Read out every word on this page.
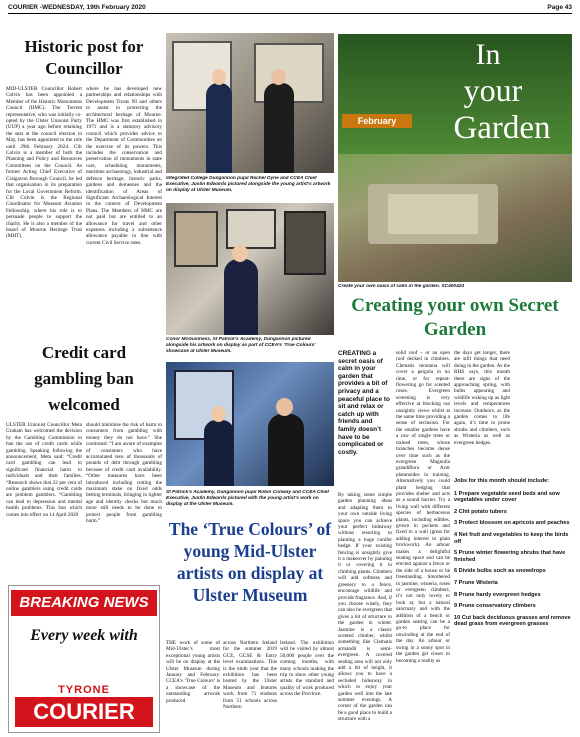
COURIER -WEDNESDAY, 19th February 2020	Page 43
Historic post for Councillor
MID-ULSTER Councillor Robert Colvin has been appointed a Member of the Historic Monuments Council (HMC). The Torrent representative, who was initially co-opted by the Ulster Unionist Party (UUP) a year ago before retaining the seat at the council election in May, has been appointed to the role until 29th February 2024. Cllr Colvin is a member of both the Planning and Policy and Resources Committees on the Council. As former Acting Chief Executive of Craigavon Borough Council, he led that organisation in its preparation for the Local Government Reform. Cllr Colvin is the Regional Coordinator for Museum Aviation Fellowship, where his role is to persuade people to support the charity. He is also a member of the board of Mourne Heritage Trust (MHT),
where he has developed new partnerships and relationships with Development Trusts NI and others to assist in protecting the architectural heritage of Mourne. The HMC was first established in 1971 and is a statutory advisory council which provides advice to the Department of Communities on the exercise of its powers. This includes the conservation and preservation of monuments in state care, scheduling monuments, maritime archaeology, industrial and defence heritage, historic parks, gardens and demesnes and the identification of Areas of Significant Archaeological Interest in the context of Development Plans. The Members of HMC are not paid but are entitled to an allowance for travel and other expenses including a subsistence allowance payable in line with current Civil Service rates.
Credit card gambling ban welcomed
ULSTER Unionist Councillor Meta Graham has welcomed the decision by the Gambling Commission to ban the use of credit cards while gambling. Speaking following the announcement, Meta said: “Credit card gambling can lead to significant financial harm to individuals and their families. “Research shows that 22 per cent of online gamblers using credit cards are problem gamblers. “Gambling can lead to depression and mental health problems. This ban which comes into effect on 14 April 2020
should minimise the risk of harm to consumers from gambling with money they do not have.” She continued: “I am aware of examples of consumers who have accumulated tens of thousands of pounds of debt through gambling because of credit card availability. “Other measures have been introduced including cutting the maximum stake on fixed odds betting terminals, bringing in tighter age and identity checks but much more still needs to be done to protect people from gambling harm.”
BREAKING NEWS
Every week with
TYRONE
COURIER
Integrated College Dungannon pupil Rachel Dyne and CCEA Chief Executive, Justin Edwards pictured alongside the young artist’s artwork on display at Ulster Museum.
Conor McGuinness, St Patrick’s Academy, Dungannon pictured alongside his artwork on display as part of CCEA’s ‘True Colours’ showcase at Ulster Museum.
St Patrick’s Academy, Dungannon pupil Robin Conway and CCEA Chief Executive, Justin Edwards pictured with the young artist’s work on display at the Ulster Museum.
The ‘True Colours’ of young Mid-Ulster artists on display at Ulster Museum
THE work of some of Mid-Ulster’s most exceptional young artists will be on display at the Ulster Museum during January and February. CCEA’s ‘True Colours’ is a showcase of the outstanding artwork produced
across Northern Ireland for the summer 2019 GCE, GCSE & Entry level examinations. This is the ninth year that the exhibition has been hosted by the Ulster Museum and features work from 71 students from 51 schools across Northern
Ireland. The exhibition will be visited by almost 50,000 people over the coming months, with many schools making the trip to show other young artists the standard and quality of work produced across the Province.
In
your
Garden
February
Create your own oasis of calm in the garden. SC400424
Creating your own Secret Garden
CREATING a secret oasis of calm in your garden that provides a bit of privacy and a peaceful place to sit and relax or catch up with friends and family doesn’t have to be complicated or costly.
By taking some simple garden planning ideas and adapting them to your own outside living space you can achieve your perfect hideaway without resorting to planting a huge conifer hedge. If your existing fencing is unsightly give it a makeover by painting it or covering it in climbing plants. Climbers will add softness and greenery to a fence, encourage wildlife and provide fragrance. And, if you choose wisely, they can also be evergreen that gives a bit of structure to the garden in winter. Jasmine is a classic scented climber, whilst something like Clematis armandii is semi-evergreen. A covered seating area will not only add a bit of height, it allows you to have a secluded hideaway in which to enjoy your garden well into the late summer evenings. A corner of the garden can be a good place to build a structure with a
solid roof – or an open roof decked in climbers. Clematis montana will cover a pergola in no time, or for repeat-flowering go for scented roses. Evergreen screening is very effective at blocking out unsightly views whilst at the same time providing a sense of seclusion. For the smaller gardens have a row of single trees or trained trees, whose branches become dense over time such as the evergreen Magnolia grandiflora or Acer platanoides in training. Alternatively you could plant hedging that provides shelter and acts as a sound barrier. Try a living wall with different species of herbaceous plants, including edibles, grown in pockets and fixed to a wall (great for adding interest to plain brickwork). An arbour makes a delightful seating space and can be erected against a fence or the side of a house or be freestanding. Smothered in jasmine, wisteria, roses or evergreen climbers, it’s not only lovely to look at, but a natural sanctuary and with the addition of a bench or garden seating can be a go-to place for unwinding at the end of the day. An arbour or swing in a sunny spot in the garden get closer to becoming a reality as
the days get longer, there are still things that need doing in the garden. As the RHS says, this month there are signs of the approaching spring, with bulbs appearing and wildlife waking up as light levels and temperatures increase. Outdoors, as the garden comes to life again, it’s time to prune shrubs and climbers, such as Wisteria as well as evergreen hedges.

Jobs for this month should include:

1 Prepare vegetable seed beds and sow vegetables under cover

2 Chit potato tubers

3 Protect blossom on apricots and peaches

4 Net fruit and vegetables to keep the birds off

5 Prune winter flowering shrubs that have finished

6 Divide bulbs such as snowdrops

7 Prune Wisteria

8 Prune hardy evergreen hedges

9 Prune conservatory climbers

10 Cut back deciduous grasses and remove dead grass from evergreen grasses
